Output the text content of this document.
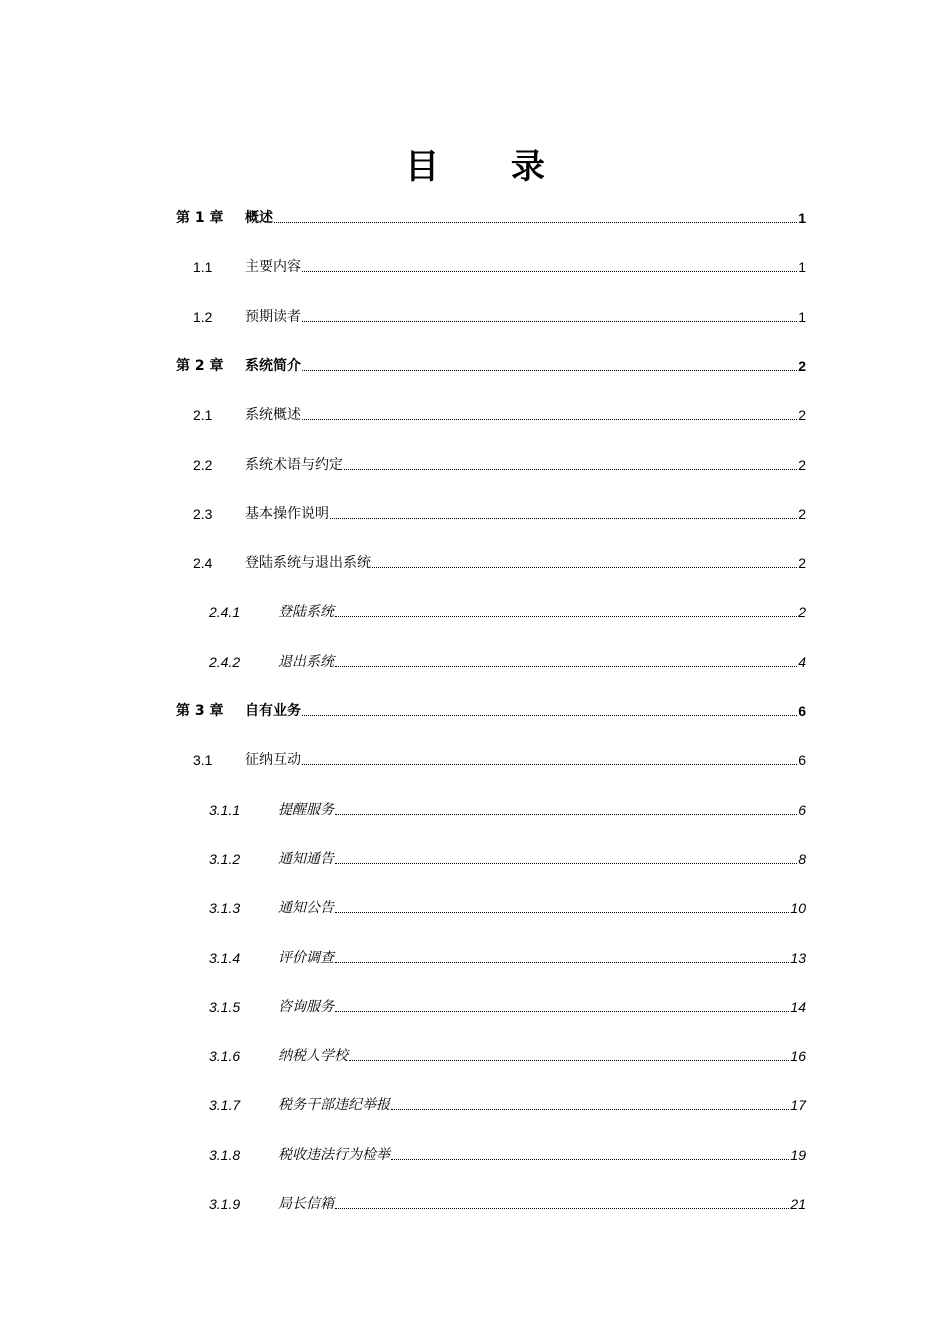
目 录
第 1 章	概述	1
1.1	主要内容	1
1.2	预期读者	1
第 2 章	系统简介	2
2.1	系统概述	2
2.2	系统术语与约定	2
2.3	基本操作说明	2
2.4	登陆系统与退出系统	2
2.4.1	登陆系统	2
2.4.2	退出系统	4
第 3 章	自有业务	6
3.1	征纳互动	6
3.1.1	提醒服务	6
3.1.2	通知通告	8
3.1.3	通知公告	10
3.1.4	评价调查	13
3.1.5	咨询服务	14
3.1.6	纳税人学校	16
3.1.7	税务干部违纪举报	17
3.1.8	税收违法行为检举	19
3.1.9	局长信箱	21
